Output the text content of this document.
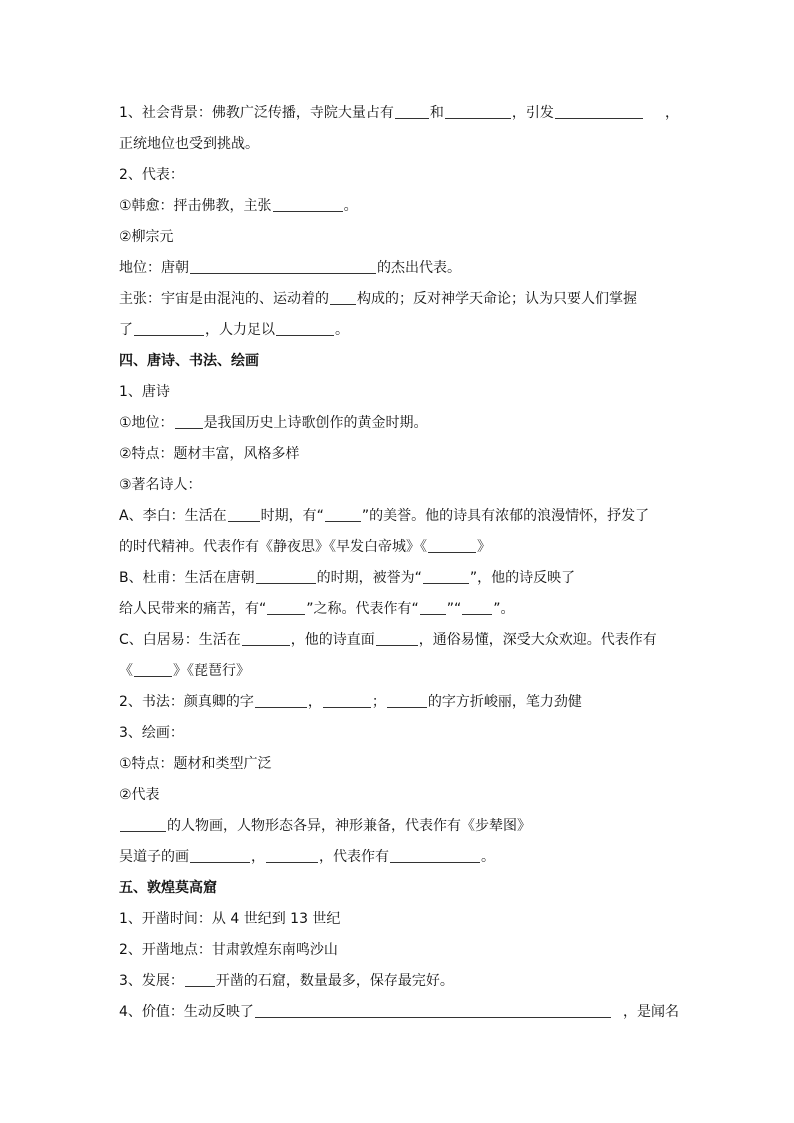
1、社会背景：佛教广泛传播，寺院大量占有	和	，引发	，
正统地位也受到挑战。
2、代表：
①韩愈：抨击佛教，主张	。
②柳宗元
地位：唐朝	的杰出代表。
主张：宇宙是由混沌的、运动着的 构成的；反对神学天命论；认为只要人们掌握
了	，人力足以	。
四、唐诗、书法、绘画
1、唐诗
①地位： 是我国历史上诗歌创作的黄金时期。
②特点：题材丰富，风格多样
③著名诗人：
A、李白：生活在 时期，有“	”的美誉。他的诗具有浓郁的浪漫情怀，抒发了
的时代精神。代表作有《静夜思》《早发白帝城》《	》
B、杜甫：生活在唐朝	的时期，被誉为“	”，他的诗反映了
给人民带来的痛苦，有“	”之称。代表作有“ ”“ ”。
C、白居易：生活在	，他的诗直面	，通俗易懂，深受大众欢迎。代表作有
《	》《琵琶行》
2、书法：颜真卿的字	，	；	的字方折峻丽，笔力劲健
3、绘画：
①特点：题材和类型广泛
②代表
的人物画，人物形态各异，神形兼备，代表作有《步辇图》
吴道子的画	，	，代表作有	。
五、敦煌莫高窟
1、开凿时间：从 4 世纪到 13 世纪
2、开凿地点：甘肃敦煌东南鸣沙山
3、发展： 开凿的石窟，数量最多，保存最完好。
4、价值：生动反映了	，是闻名
